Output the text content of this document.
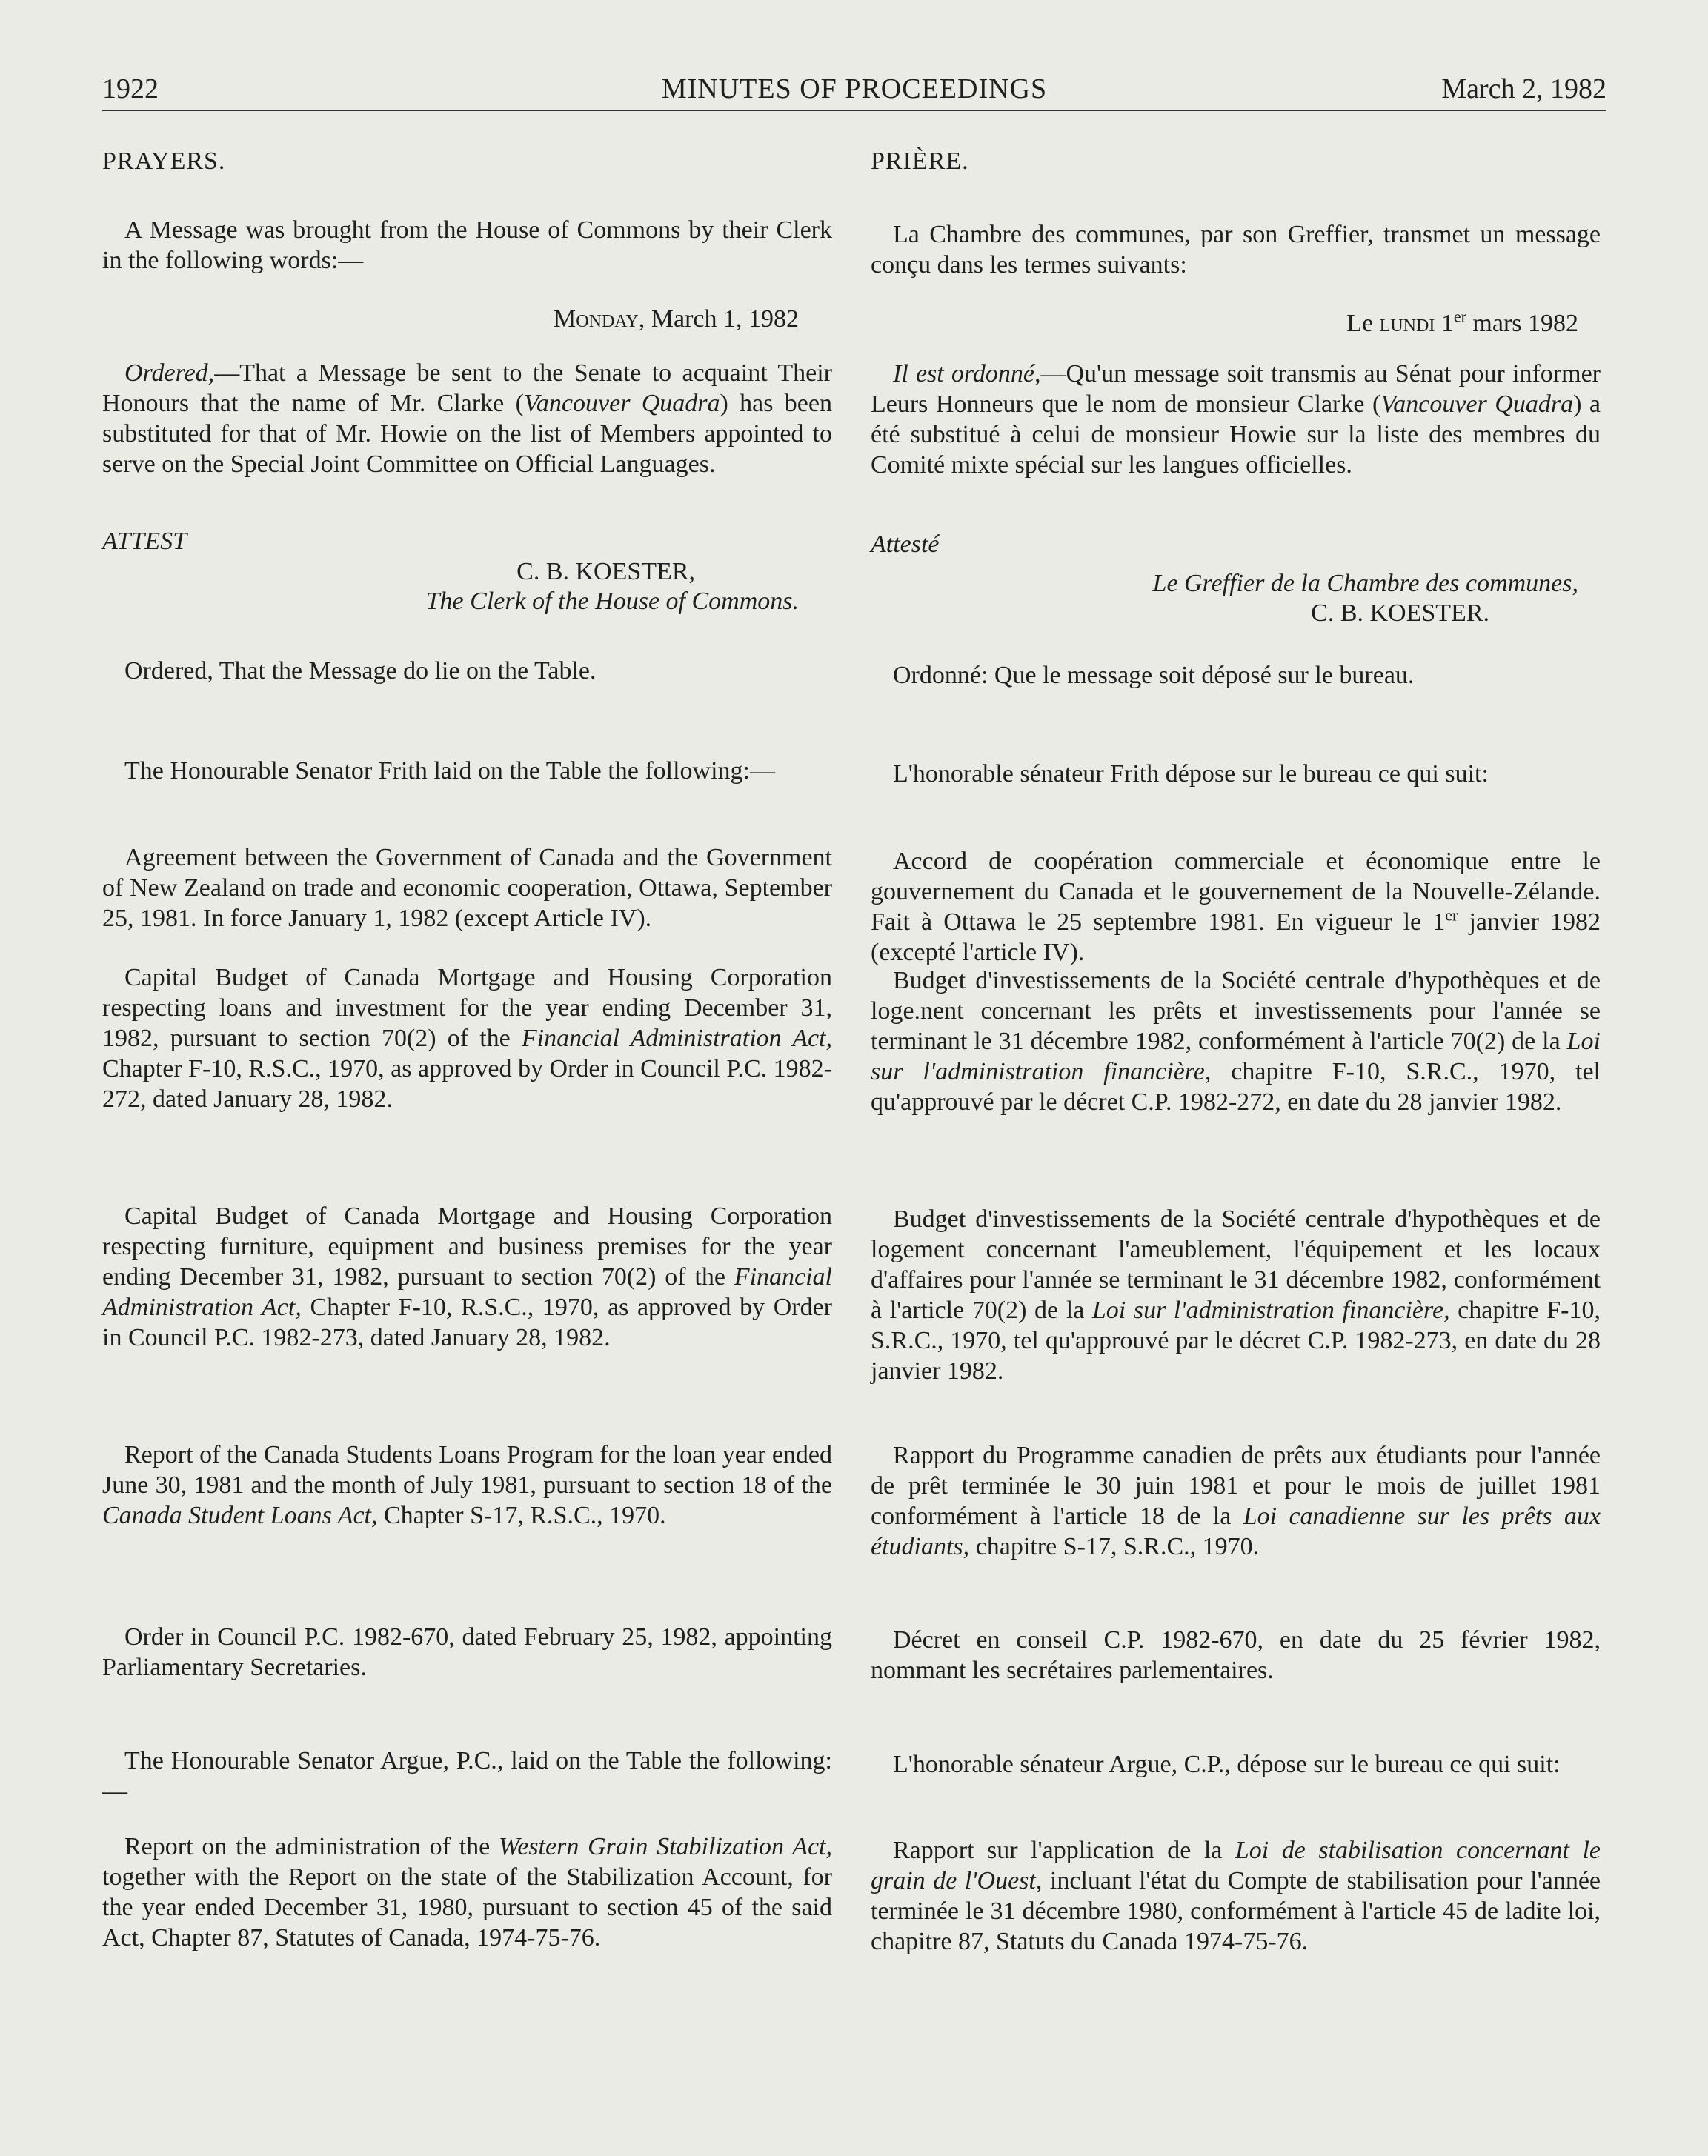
1922	MINUTES OF PROCEEDINGS	March 2, 1982
PRAYERS.
A Message was brought from the House of Commons by their Clerk in the following words:—
Monday, March 1, 1982
Ordered,—That a Message be sent to the Senate to acquaint Their Honours that the name of Mr. Clarke (Vancouver Quadra) has been substituted for that of Mr. Howie on the list of Members appointed to serve on the Special Joint Committee on Official Languages.
ATTEST
C. B. KOESTER,
The Clerk of the House of Commons.
Ordered, That the Message do lie on the Table.
The Honourable Senator Frith laid on the Table the following:—
Agreement between the Government of Canada and the Government of New Zealand on trade and economic cooperation, Ottawa, September 25, 1981. In force January 1, 1982 (except Article IV).
Capital Budget of Canada Mortgage and Housing Corporation respecting loans and investment for the year ending December 31, 1982, pursuant to section 70(2) of the Financial Administration Act, Chapter F-10, R.S.C., 1970, as approved by Order in Council P.C. 1982-272, dated January 28, 1982.
Capital Budget of Canada Mortgage and Housing Corporation respecting furniture, equipment and business premises for the year ending December 31, 1982, pursuant to section 70(2) of the Financial Administration Act, Chapter F-10, R.S.C., 1970, as approved by Order in Council P.C. 1982-273, dated January 28, 1982.
Report of the Canada Students Loans Program for the loan year ended June 30, 1981 and the month of July 1981, pursuant to section 18 of the Canada Student Loans Act, Chapter S-17, R.S.C., 1970.
Order in Council P.C. 1982-670, dated February 25, 1982, appointing Parliamentary Secretaries.
The Honourable Senator Argue, P.C., laid on the Table the following:—
Report on the administration of the Western Grain Stabilization Act, together with the Report on the state of the Stabilization Account, for the year ended December 31, 1980, pursuant to section 45 of the said Act, Chapter 87, Statutes of Canada, 1974-75-76.
PRIÈRE.
La Chambre des communes, par son Greffier, transmet un message conçu dans les termes suivants:
Le lundi 1er mars 1982
Il est ordonné,—Qu'un message soit transmis au Sénat pour informer Leurs Honneurs que le nom de monsieur Clarke (Vancouver Quadra) a été substitué à celui de monsieur Howie sur la liste des membres du Comité mixte spécial sur les langues officielles.
Attesté
Le Greffier de la Chambre des communes,
C. B. KOESTER.
Ordonné: Que le message soit déposé sur le bureau.
L'honorable sénateur Frith dépose sur le bureau ce qui suit:
Accord de coopération commerciale et économique entre le gouvernement du Canada et le gouvernement de la Nouvelle-Zélande. Fait à Ottawa le 25 septembre 1981. En vigueur le 1er janvier 1982 (excepté l'article IV).
Budget d'investissements de la Société centrale d'hypothèques et de loge.nent concernant les prêts et investissements pour l'année se terminant le 31 décembre 1982, conformément à l'article 70(2) de la Loi sur l'administration financière, chapitre F-10, S.R.C., 1970, tel qu'approuvé par le décret C.P. 1982-272, en date du 28 janvier 1982.
Budget d'investissements de la Société centrale d'hypothèques et de logement concernant l'ameublement, l'équipement et les locaux d'affaires pour l'année se terminant le 31 décembre 1982, conformément à l'article 70(2) de la Loi sur l'administration financière, chapitre F-10, S.R.C., 1970, tel qu'approuvé par le décret C.P. 1982-273, en date du 28 janvier 1982.
Rapport du Programme canadien de prêts aux étudiants pour l'année de prêt terminée le 30 juin 1981 et pour le mois de juillet 1981 conformément à l'article 18 de la Loi canadienne sur les prêts aux étudiants, chapitre S-17, S.R.C., 1970.
Décret en conseil C.P. 1982-670, en date du 25 février 1982, nommant les secrétaires parlementaires.
L'honorable sénateur Argue, C.P., dépose sur le bureau ce qui suit:
Rapport sur l'application de la Loi de stabilisation concernant le grain de l'Ouest, incluant l'état du Compte de stabilisation pour l'année terminée le 31 décembre 1980, conformément à l'article 45 de ladite loi, chapitre 87, Statuts du Canada 1974-75-76.
